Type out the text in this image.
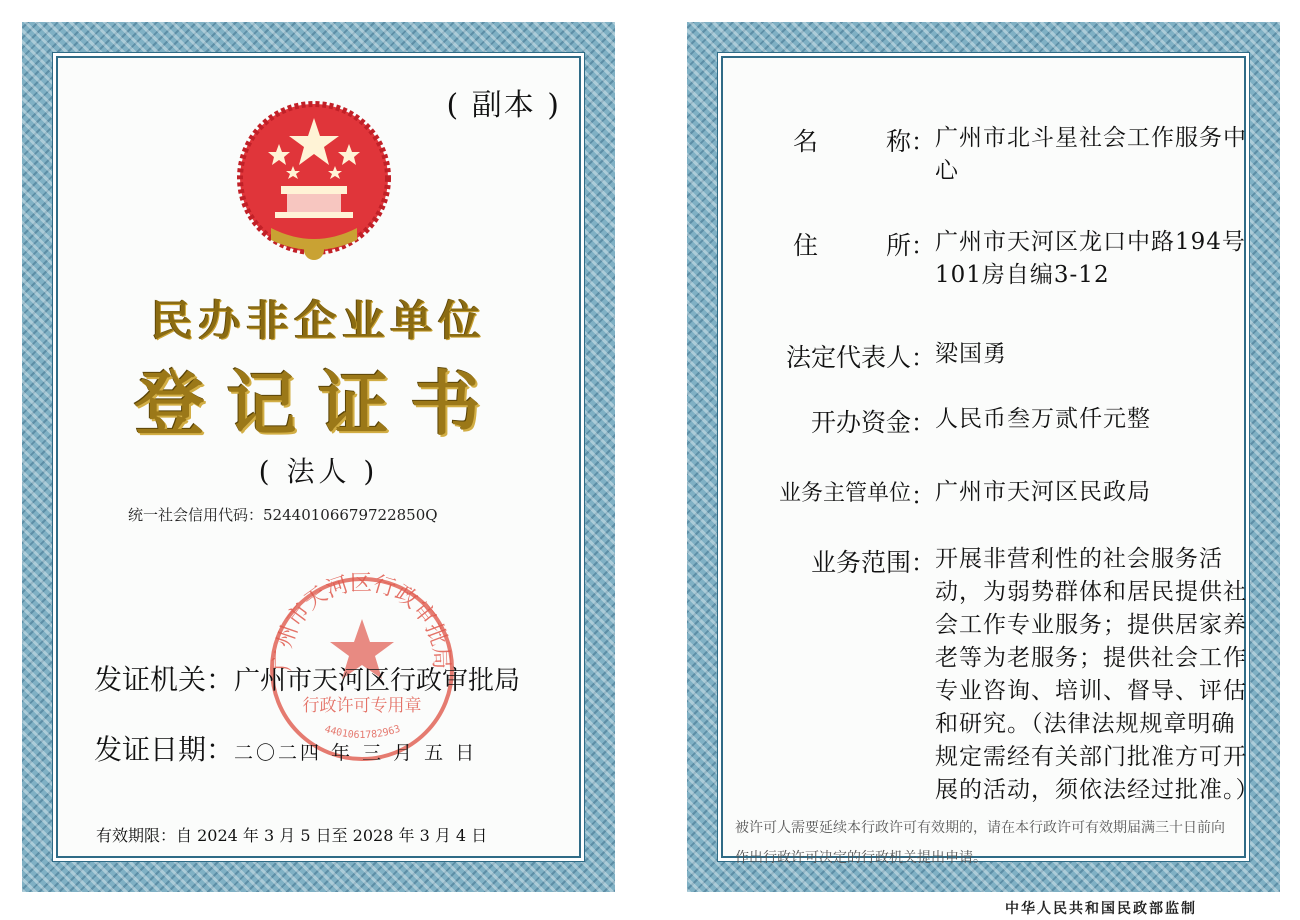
( 副本 )
民办非企业单位
登记证书
( 法人 )
统一社会信用代码：52440106679722850Q
广州市天河区行政审批局
行政许可专用章
4401061782963
发证机关：广州市天河区行政审批局
发证日期：二〇二四 年 三 月 五 日
有效期限：自 2024 年 3 月 5 日至 2028 年 3 月 4 日
名	称 ： 广州市北斗星社会工作服务中心
住	所 ： 广州市天河区龙口中路194号101房自编3-12
法定代表人 ： 梁国勇
开办资金 ： 人民币叁万贰仟元整
业务主管单位 ： 广州市天河区民政局
业务范围 ： 开展非营利性的社会服务活动，为弱势群体和居民提供社会工作专业服务；提供居家养老等为老服务；提供社会工作专业咨询、培训、督导、评估和研究。（法律法规规章明确规定需经有关部门批准方可开展的活动，须依法经过批准。）
被许可人需要延续本行政许可有效期的，请在本行政许可有效期届满三十日前向作出行政许可决定的行政机关提出申请。
中华人民共和国民政部监制
